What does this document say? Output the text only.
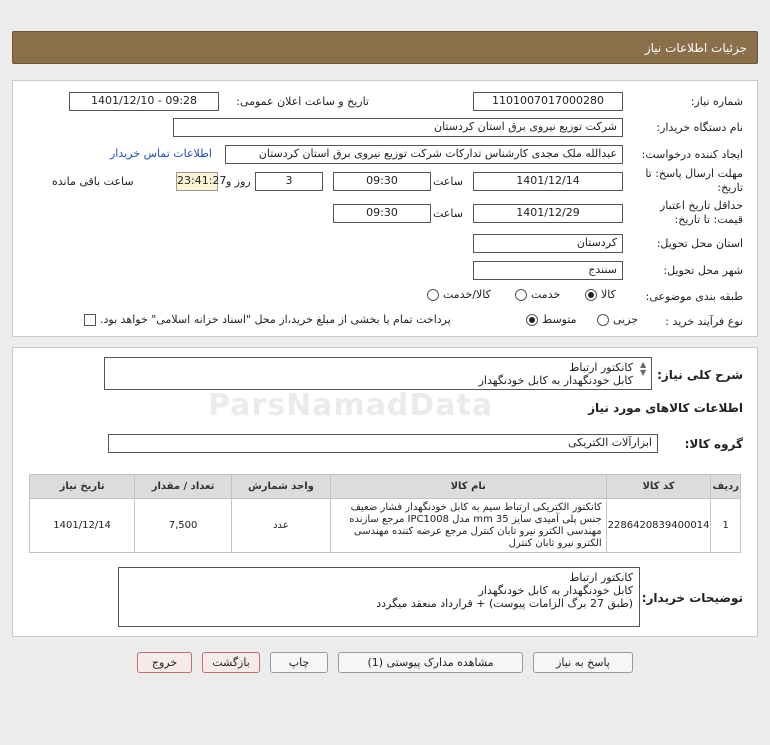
جزئیات اطلاعات نیاز
شماره نیاز:
1101007017000280
تاریخ و ساعت اعلان عمومی:
1401/12/10 - 09:28
نام دستگاه خریدار:
شرکت توزیع نیروی برق استان کردستان
ایجاد کننده درخواست:
عبدالله ملک مجدی کارشناس تدارکات شرکت توزیع نیروی برق استان کردستان
اطلاعات تماس خریدار
مهلت ارسال پاسخ: تا تاریخ:
1401/12/14
ساعت
09:30
3
روز و
23:41:27
ساعت باقی مانده
حداقل تاریخ اعتبار قیمت: تا تاریخ:
1401/12/29
ساعت
09:30
استان محل تحویل:
کردستان
شهر محل تحویل:
سنندج
طبقه بندی موضوعی:
کالا
خدمت
کالا/خدمت
نوع فرآیند خرید :
جزیی
متوسط
پرداخت تمام یا بخشی از مبلغ خرید،از محل "اسناد خزانه اسلامی" خواهد بود.
شرح کلی نیاز:
کانکتور ارتباط
کابل خودنگهدار به کابل خودنگهدار
▲
▼
اطلاعات کالاهای مورد نیاز
گروه کالا:
ابزارآلات الکتریکی
ردیف	کد کالا	نام کالا	واحد شمارش	تعداد / مقدار	تاریخ نیاز
1	2286420839400014	کانکتور الکتریکی ارتباط سیم به کابل خودنگهدار فشار ضعیف جنس پلی آمیدی سایز mm 35 مدل IPC1008 مرجع سازنده مهندسی الکترو نیرو تابان کنترل مرجع عرضه کننده مهندسی الکترو نیرو تابان کنترل	عدد	7,500	1401/12/14
توضیحات خریدار:
کانکتور ارتباط
کابل خودنگهدار به کابل خودنگهدار
(طبق 27 برگ الزامات پیوست) + قرارداد منعقد میگردد
پاسخ به نیاز
مشاهده مدارک پیوستی (1)
چاپ
بازگشت
خروج
